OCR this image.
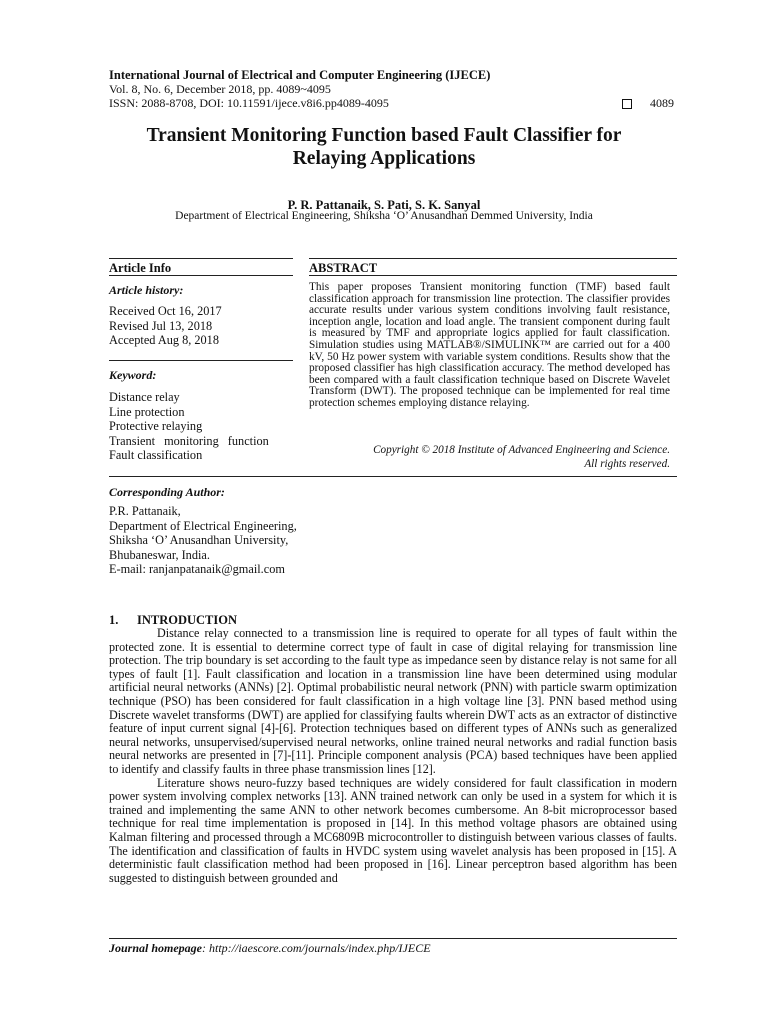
International Journal of Electrical and Computer Engineering (IJECE)
Vol. 8, No. 6, December 2018, pp. 4089~4095
ISSN: 2088-8708, DOI: 10.11591/ijece.v8i6.pp4089-4095	4089
Transient Monitoring Function based Fault Classifier for
Relaying Applications
P. R. Pattanaik, S. Pati, S. K. Sanyal
Department of Electrical Engineering, Shiksha ‘O’ Anusandhan Demmed University, India
Article Info	ABSTRACT
Article history:
Received Oct 16, 2017
Revised Jul 13, 2018
Accepted Aug 8, 2018
Keyword:
Distance relay
Line protection
Protective relaying
Transient monitoring function
Fault classification
This paper proposes Transient monitoring function (TMF) based fault classification approach for transmission line protection. The classifier provides accurate results under various system conditions involving fault resistance, inception angle, location and load angle. The transient component during fault is measured by TMF and appropriate logics applied for fault classification. Simulation studies using MATLAB®/SIMULINK™ are carried out for a 400 kV, 50 Hz power system with variable system conditions. Results show that the proposed classifier has high classification accuracy. The method developed has been compared with a fault classification technique based on Discrete Wavelet Transform (DWT). The proposed technique can be implemented for real time protection schemes employing distance relaying.
Copyright © 2018 Institute of Advanced Engineering and Science.
All rights reserved.
Corresponding Author:
P.R. Pattanaik,
Department of Electrical Engineering,
Shiksha ‘O’ Anusandhan University,
Bhubaneswar, India.
E-mail: ranjanpatanaik@gmail.com
1. INTRODUCTION

Distance relay connected to a transmission line is required to operate for all types of fault within the protected zone. It is essential to determine correct type of fault in case of digital relaying for transmission line protection. The trip boundary is set according to the fault type as impedance seen by distance relay is not same for all types of fault [1]. Fault classification and location in a transmission line have been determined using modular artificial neural networks (ANNs) [2]. Optimal probabilistic neural network (PNN) with particle swarm optimization technique (PSO) has been considered for fault classification in a high voltage line [3]. PNN based method using Discrete wavelet transforms (DWT) are applied for classifying faults wherein DWT acts as an extractor of distinctive feature of input current signal [4]-[6]. Protection techniques based on different types of ANNs such as generalized neural networks, unsupervised/supervised neural networks, online trained neural networks and radial function basis neural networks are presented in [7]-[11]. Principle component analysis (PCA) based techniques have been applied to identify and classify faults in three phase transmission lines [12].

Literature shows neuro-fuzzy based techniques are widely considered for fault classification in modern power system involving complex networks [13]. ANN trained network can only be used in a system for which it is trained and implementing the same ANN to other network becomes cumbersome. An 8-bit microprocessor based technique for real time implementation is proposed in [14]. In this method voltage phasors are obtained using Kalman filtering and processed through a MC6809B microcontroller to distinguish between various classes of faults. The identification and classification of faults in HVDC system using wavelet analysis has been proposed in [15]. A deterministic fault classification method had been proposed in [16]. Linear perceptron based algorithm has been suggested to distinguish between grounded and

Journal homepage: http://iaescore.com/journals/index.php/IJECE
